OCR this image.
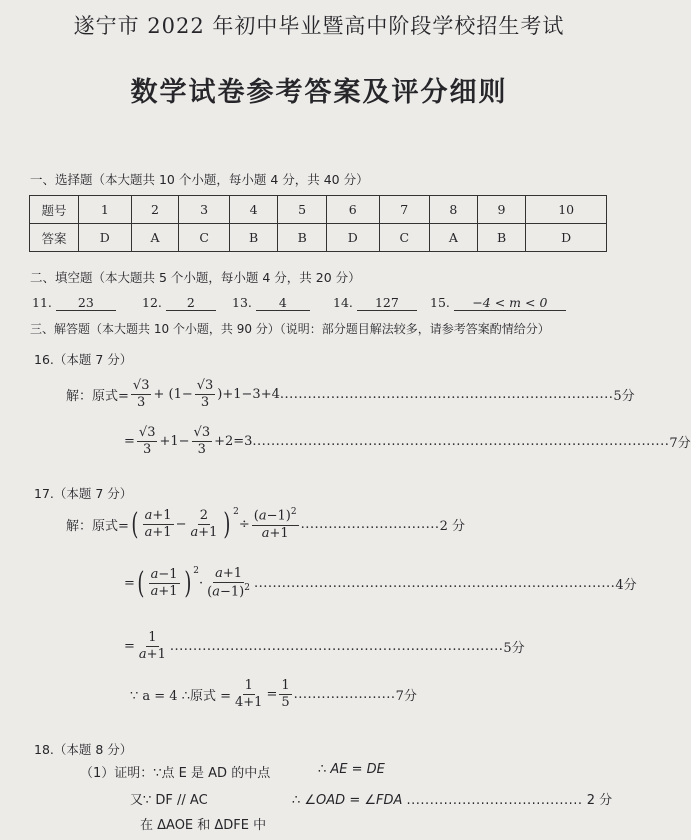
遂宁市 2022 年初中毕业暨高中阶段学校招生考试
数学试卷参考答案及评分细则
一、选择题（本大题共 10 个小题，每小题 4 分，共 40 分）
题号	1	2	3	4	5	6	7	8	9	10
答案	D	A	C	B	B	D	C	A	B	D
二、填空题（本大题共 5 个小题，每小题 4 分，共 20 分）
11. 23	12. 2	13. 4	14. 127	15. −4 < m < 0
三、解答题（本大题共 10 个小题，共 90 分）（说明：部分题目解法较多，请参考答案酌情给分）
16.（本题 7 分）
解：原式= $\frac{√3}{3} + (1- \frac{√3}{3} )+1-3+4$ ........................................................................ 5分
= $\frac{√3}{3} +1- \frac{√3}{3} +2=3$ .......................................................................................... 7分
17.（本题 7 分）
解：原式= ( $\frac{a+1}{a+1} - \frac{2}{a+1}$ ) $^2$
÷ $\frac{(a-1)^2}{a+1}$ .............................. 2 分
= ( $\frac{a-1}{a+1}$ ) $^2$
· $\frac{a+1}{(a-1)^2}$ .............................................................................. 4分
= $\frac{1}{a+1}$ ........................................................................ 5分
∵ a = 4 ∴原式 = $\frac{1}{4+1} = \frac{1}{5}$ ...................... 7分
18.（本题 8 分）
（1）证明：∵点 E 是 AD 的中点	∴ AE = DE
又∵ DF // AC	∴ ∠OAD = ∠FDA ...................................... 2 分
在 ΔAOE 和 ΔDFE 中
